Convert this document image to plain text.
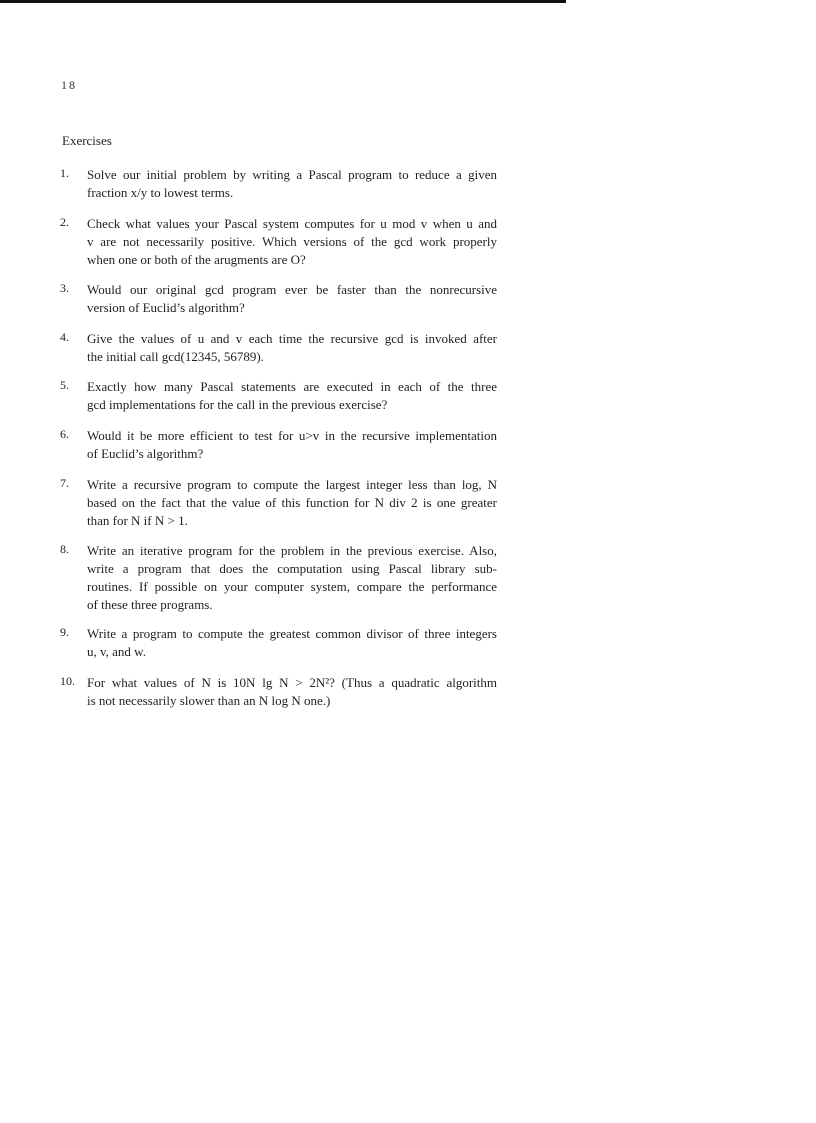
18
Exercises
1.	Solve our initial problem by writing a Pascal program to reduce a given
fraction x/y to lowest terms.
2.	Check what values your Pascal system computes for u mod v when u and
v are not necessarily positive. Which versions of the gcd work properly
when one or both of the arugments are O?
3.	Would our original gcd program ever be faster than the nonrecursive
version of Euclid’s algorithm?
4.	Give the values of u and v each time the recursive gcd is invoked after
the initial call gcd(12345, 56789).
5.	Exactly how many Pascal statements are executed in each of the three
gcd implementations for the call in the previous exercise?
6.	Would it be more efficient to test for u>v in the recursive implementation
of Euclid’s algorithm?
7.	Write a recursive program to compute the largest integer less than log, N
based on the fact that the value of this function for N div 2 is one greater
than for N if N > 1.
8.	Write an iterative program for the problem in the previous exercise. Also,
write a program that does the computation using Pascal library sub-
routines. If possible on your computer system, compare the performance
of these three programs.
9.	Write a program to compute the greatest common divisor of three integers
u, v, and w.
10. For what values of N is 10N lg N > 2N²? (Thus a quadratic algorithm
is not necessarily slower than an N log N one.)
